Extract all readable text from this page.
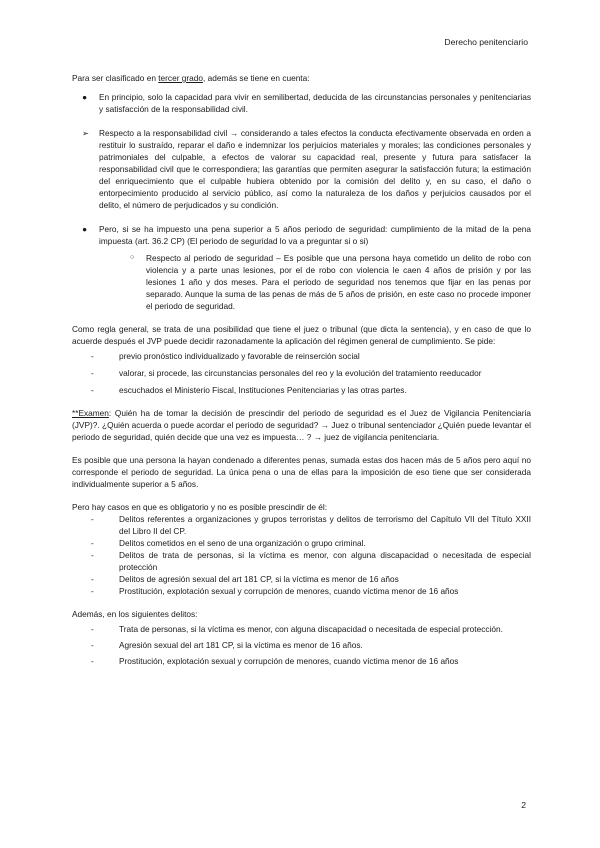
Derecho penitenciario

Para ser clasificado en tercer grado, además se tiene en cuenta:

● En principio, solo la capacidad para vivir en semilibertad, deducida de las circunstancias personales y penitenciarias y satisfacción de la responsabilidad civil.
➢ Respecto a la responsabilidad civil → considerando a tales efectos la conducta efectivamente observada en orden a restituir lo sustraído, reparar el daño e indemnizar los perjuicios materiales y morales; las condiciones personales y patrimoniales del culpable, a efectos de valorar su capacidad real, presente y futura para satisfacer la responsabilidad civil que le correspondiera; las garantías que permiten asegurar la satisfacción futura; la estimación del enriquecimiento que el culpable hubiera obtenido por la comisión del delito y, en su caso, el daño o entorpecimiento producido al servicio público, así como la naturaleza de los daños y perjuicios causados por el delito, el número de perjudicados y su condición.
● Pero, si se ha impuesto una pena superior a 5 años periodo de seguridad: cumplimiento de la mitad de la pena impuesta (art. 36.2 CP) (El periodo de seguridad lo va a preguntar si o si)
○ Respecto al periodo de seguridad – Es posible que una persona haya cometido un delito de robo con violencia y a parte unas lesiones, por el de robo con violencia le caen 4 años de prisión y por las lesiones 1 año y dos meses. Para el periodo de seguridad nos tenemos que fijar en las penas por separado. Aunque la suma de las penas de más de 5 años de prisión, en este caso no procede imponer el periodo de seguridad.

Como regla general, se trata de una posibilidad que tiene el juez o tribunal (que dicta la sentencia), y en caso de que lo acuerde después el JVP puede decidir razonadamente la aplicación del régimen general de cumplimiento. Se pide:

-	previo pronóstico individualizado y favorable de reinserción social
-	valorar, si procede, las circunstancias personales del reo y la evolución del tratamiento reeducador
-	escuchados el Ministerio Fiscal, Instituciones Penitenciarias y las otras partes.

**Examen: Quién ha de tomar la decisión de prescindir del periodo de seguridad es el Juez de Vigilancia Penitenciaria (JVP)?. ¿Quién acuerda o puede acordar el periodo de seguridad? → Juez o tribunal sentenciador ¿Quién puede levantar el periodo de seguridad, quién decide que una vez es impuesta… ? → juez de vigilancia penitenciaria.

Es posible que una persona la hayan condenado a diferentes penas, sumada estas dos hacen más de 5 años pero aquí no corresponde el periodo de seguridad. La única pena o una de ellas para la imposición de eso tiene que ser considerada individualmente superior a 5 años.

Pero hay casos en que es obligatorio y no es posible prescindir de él:

-	Delitos referentes a organizaciones y grupos terroristas y delitos de terrorismo del Capítulo VII del Título XXII del Libro II del CP.
-	Delitos cometidos en el seno de una organización o grupo criminal.
-	Delitos de trata de personas, si la víctima es menor, con alguna discapacidad o necesitada de especial protección
-	Delitos de agresión sexual del art 181 CP, si la víctima es menor de 16 años
-	Prostitución, explotación sexual y corrupción de menores, cuando víctima menor de 16 años

Además, en los siguientes delitos:

-	Trata de personas, si la víctima es menor, con alguna discapacidad o necesitada de especial protección.
-	Agresión sexual del art 181 CP, si la víctima es menor de 16 años.
-	Prostitución, explotación sexual y corrupción de menores, cuando víctima menor de 16 años
2
